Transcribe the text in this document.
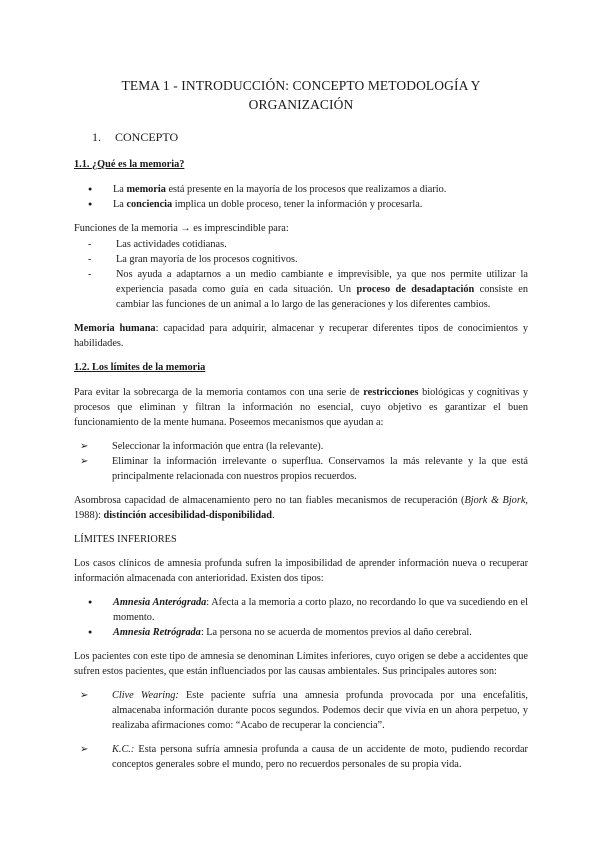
TEMA 1 - INTRODUCCIÓN: CONCEPTO METODOLOGÍA Y
ORGANIZACIÓN
1. CONCEPTO
1.1. ¿Qué es la memoria?
● La memoria está presente en la mayoría de los procesos que realizamos a diario.
● La conciencia implica un doble proceso, tener la información y procesarla.
Funciones de la memoria → es imprescindible para:
- Las actividades cotidianas.
- La gran mayoría de los procesos cognitivos.
- Nos ayuda a adaptarnos a un medio cambiante e imprevisible, ya que nos permite utilizar la experiencia pasada como guía en cada situación. Un proceso de desadaptación consiste en cambiar las funciones de un animal a lo largo de las generaciones y los diferentes cambios.

Memoria humana: capacidad para adquirir, almacenar y recuperar diferentes tipos de conocimientos y habilidades.

1.2. Los límites de la memoria

Para evitar la sobrecarga de la memoria contamos con una serie de restricciones biológicas y cognitivas y procesos que eliminan y filtran la información no esencial, cuyo objetivo es garantizar el buen funcionamiento de la mente humana. Poseemos mecanismos que ayudan a:

➢ Seleccionar la información que entra (la relevante).
➢ Eliminar la información irrelevante o superflua. Conservamos la más relevante y la que está principalmente relacionada con nuestros propios recuerdos.

Asombrosa capacidad de almacenamiento pero no tan fiables mecanismos de recuperación (Bjork & Bjork, 1988): distinción accesibilidad-disponibilidad.

LÍMITES INFERIORES

Los casos clínicos de amnesia profunda sufren la imposibilidad de aprender información nueva o recuperar información almacenada con anterioridad. Existen dos tipos:

● Amnesia Anterógrada: Afecta a la memoria a corto plazo, no recordando lo que va sucediendo en el momento.
● Amnesia Retrógrada: La persona no se acuerda de momentos previos al daño cerebral.

Los pacientes con este tipo de amnesia se denominan Límites inferiores, cuyo origen se debe a accidentes que sufren estos pacientes, que están influenciados por las causas ambientales. Sus principales autores son:

➢ Clive Wearing: Este paciente sufría una amnesia profunda provocada por una encefalitis, almacenaba información durante pocos segundos. Podemos decir que vivía en un ahora perpetuo, y realizaba afirmaciones como: “Acabo de recuperar la conciencia”.
➢ K.C.: Esta persona sufría amnesia profunda a causa de un accidente de moto, pudiendo recordar conceptos generales sobre el mundo, pero no recuerdos personales de su propia vida.
